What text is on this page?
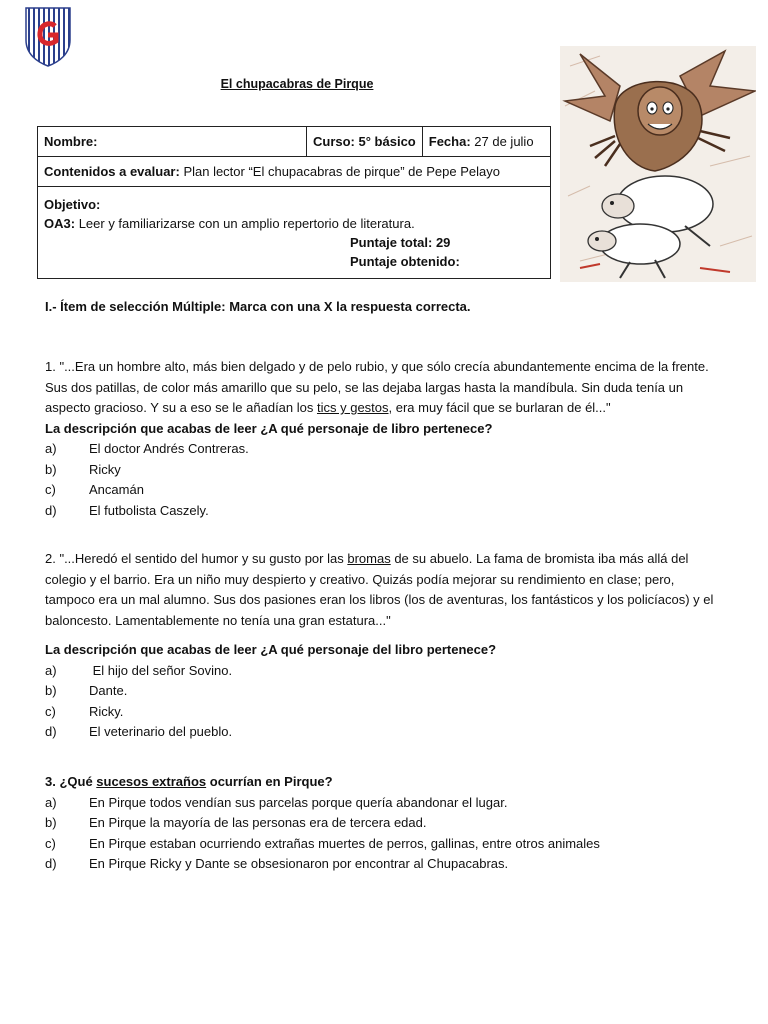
El chupacabras de Pirque
Nombre:	Curso: 5° básico	Fecha: 27 de julio
Contenidos a evaluar: Plan lector “El chupacabras de pirque” de Pepe Pelayo

Objetivo:
OA3: Leer y familiarizarse con un amplio repertorio de literatura.
Puntaje total: 29
Puntaje obtenido:
I.- Ítem de selección Múltiple: Marca con una X la respuesta correcta.

1. "...Era un hombre alto, más bien delgado y de pelo rubio, y que sólo crecía abundantemente encima de la frente. Sus dos patillas, de color más amarillo que su pelo, se las dejaba largas hasta la mandíbula. Sin duda tenía un aspecto gracioso. Y su a eso se le añadían los tics y gestos, era muy fácil que se burlaran de él..."

La descripción que acabas de leer ¿A qué personaje de libro pertenece?

a)	El doctor Andrés Contreras.
b)	Ricky
c)	Ancamán
d)	El futbolista Caszely.

2. "...Heredó el sentido del humor y su gusto por las bromas de su abuelo. La fama de bromista iba más allá del colegio y el barrio. Era un niño muy despierto y creativo. Quizás podía mejorar su rendimiento en clase; pero, tampoco era un mal alumno. Sus dos pasiones eran los libros (los de aventuras, los fantásticos y los policíacos) y el baloncesto. Lamentablemente no tenía una gran estatura..."

La descripción que acabas de leer ¿A qué personaje del libro pertenece?

a)	El hijo del señor Sovino.
b)	Dante.
c)	Ricky.
d)	El veterinario del pueblo.

3. ¿Qué sucesos extraños ocurrían en Pirque?

a)	En Pirque todos vendían sus parcelas porque quería abandonar el lugar.
b)	En Pirque la mayoría de las personas era de tercera edad.
c)	En Pirque estaban ocurriendo extrañas muertes de perros, gallinas, entre otros animales
d)	En Pirque Ricky y Dante se obsesionaron por encontrar al Chupacabras.
